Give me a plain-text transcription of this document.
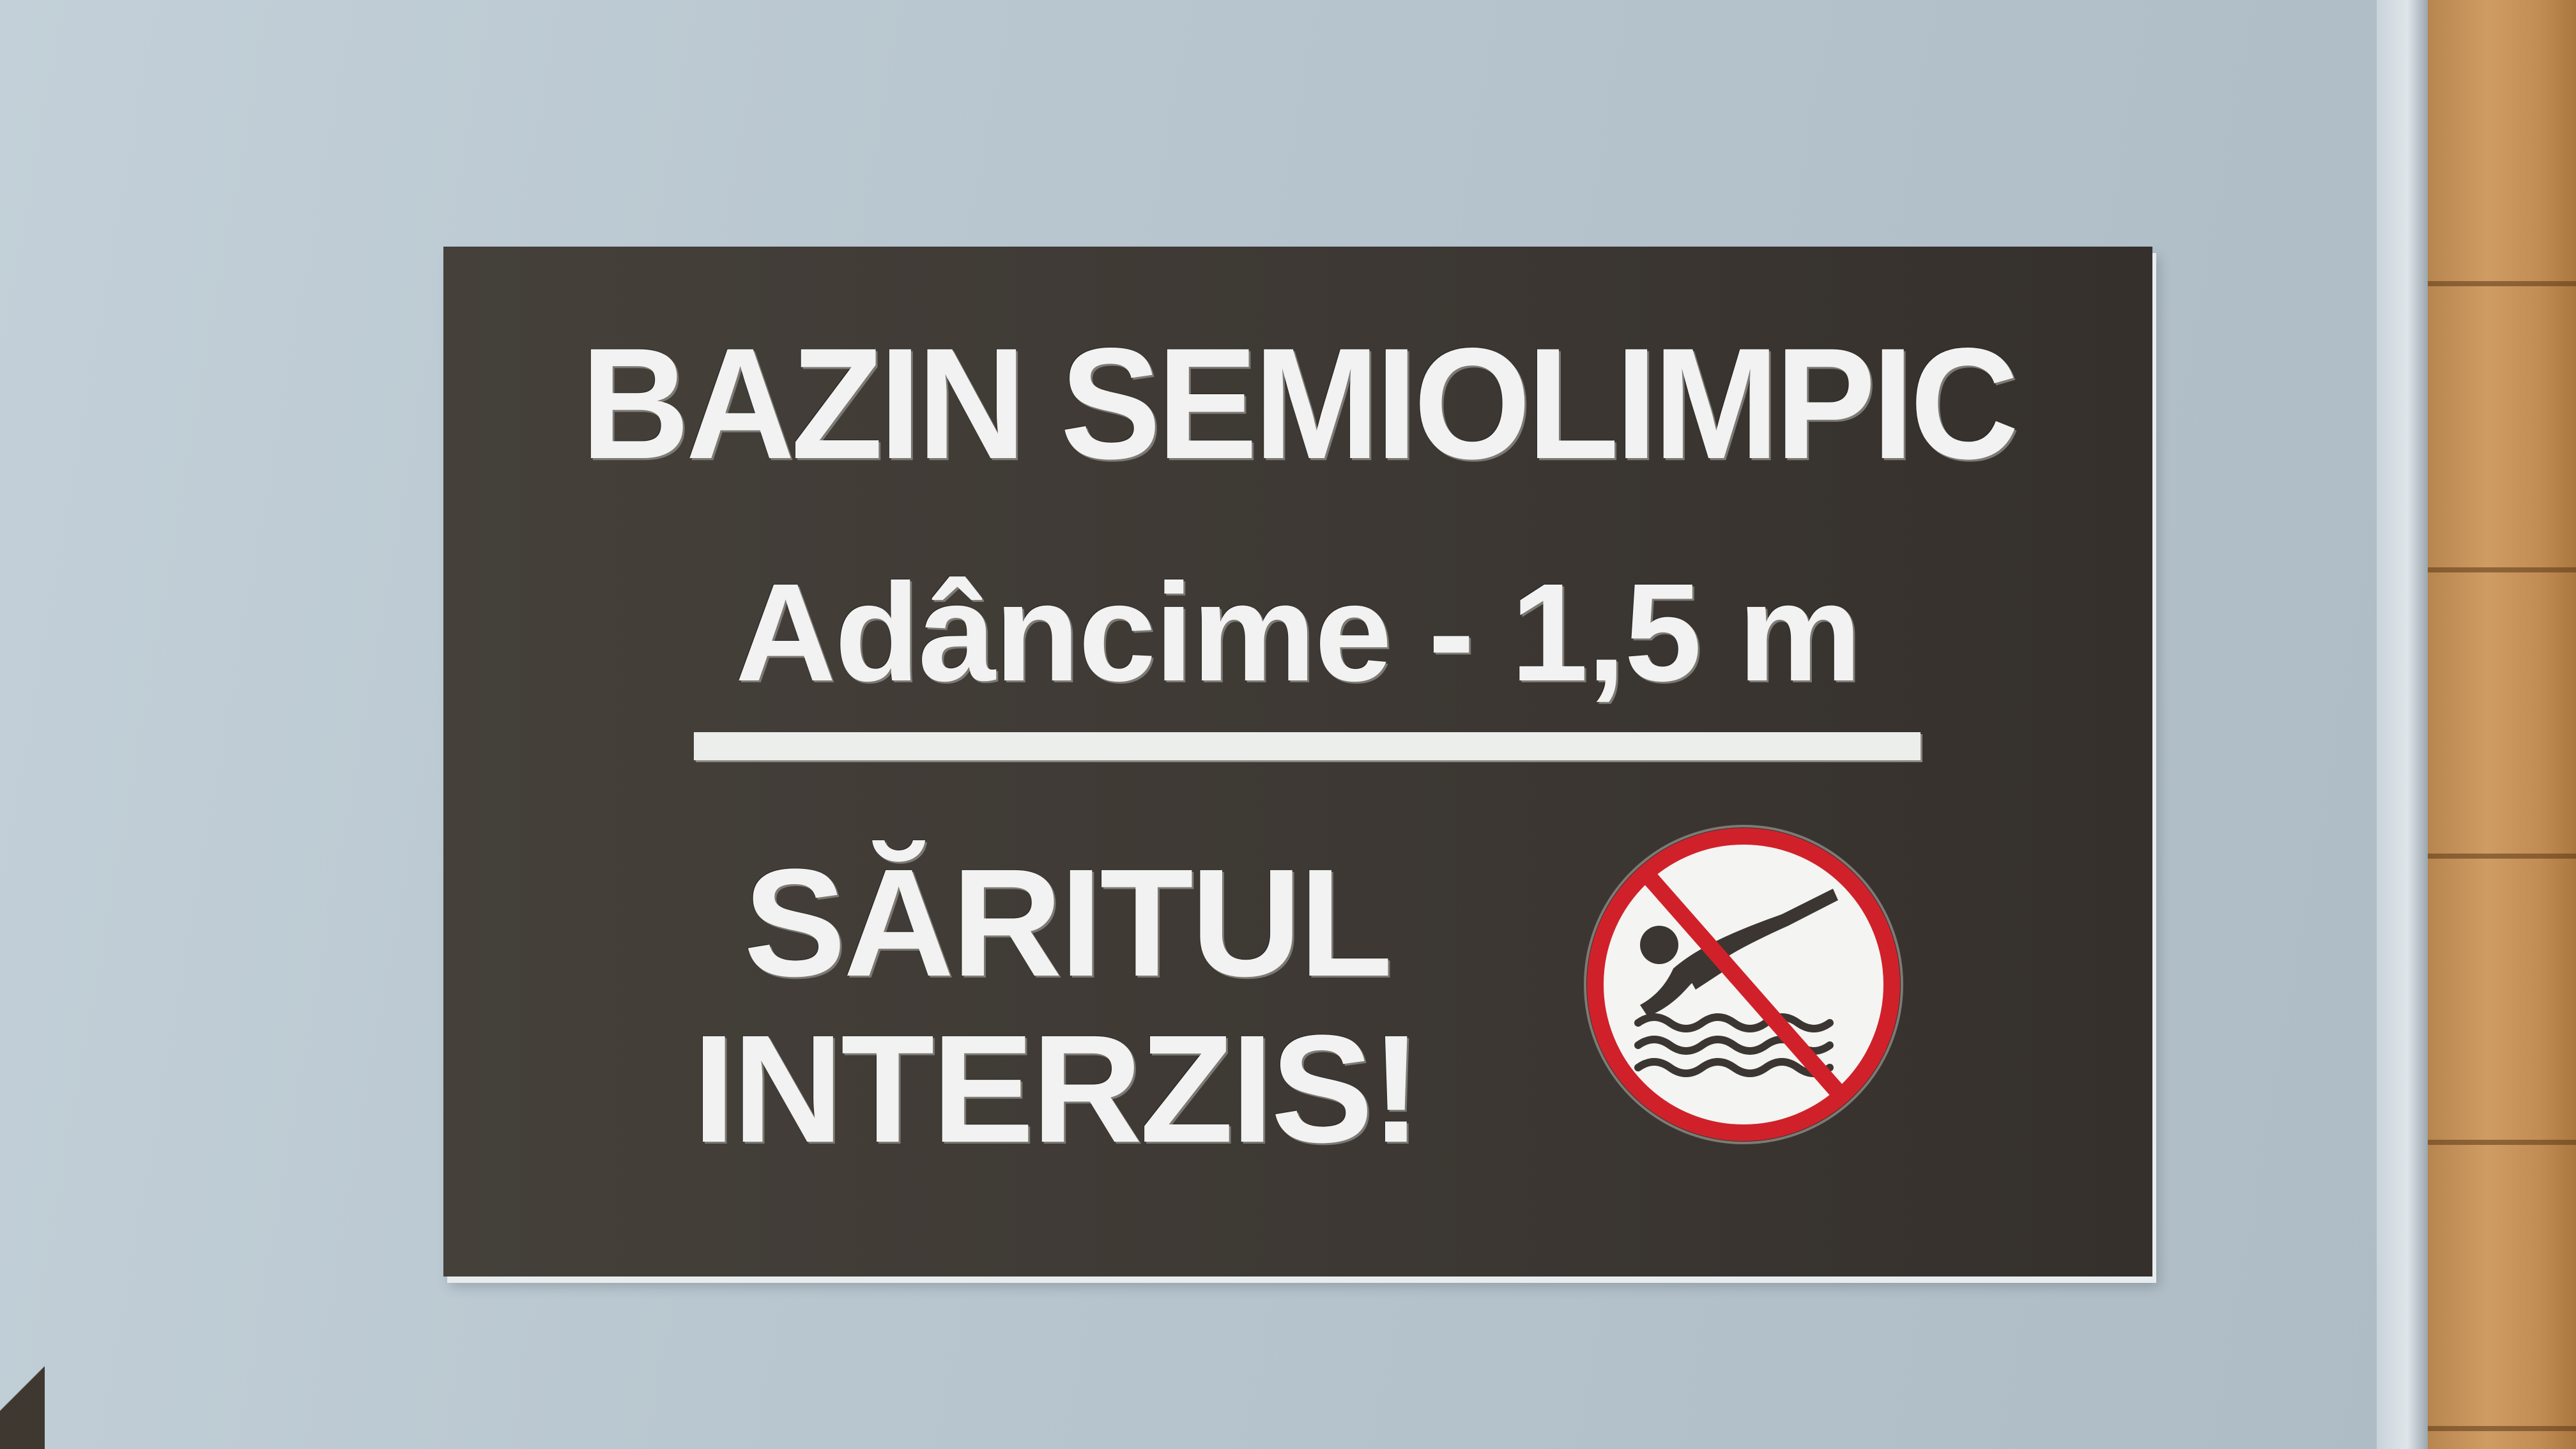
BAZIN SEMIOLIMPIC
Adâncime - 1,5 m
SĂRITUL
INTERZIS!
